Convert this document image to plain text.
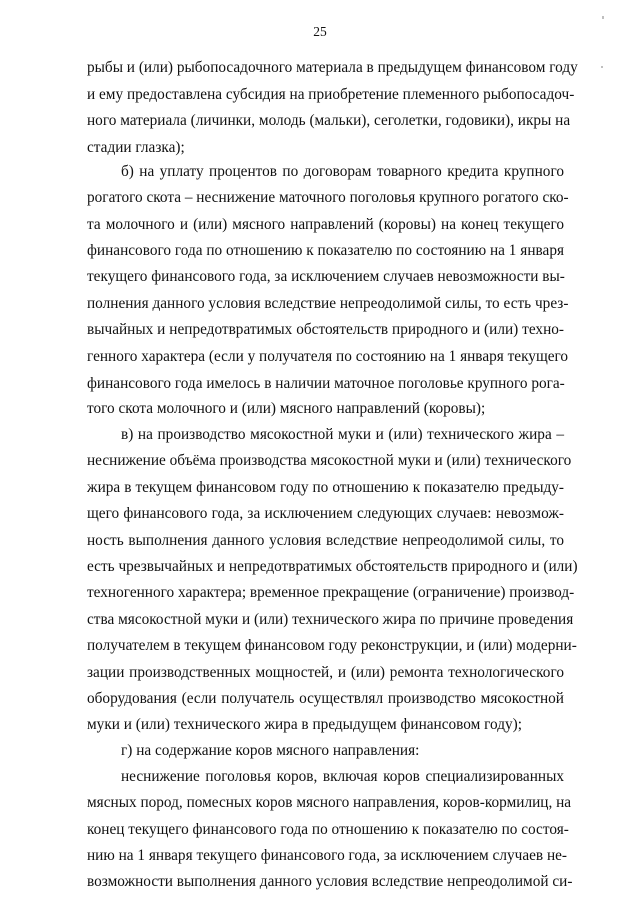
25
рыбы и (или) рыбопосадочного материала в предыдущем финансовом году
и ему предоставлена субсидия на приобретение племенного рыбопосадоч-
ного материала (личинки, молодь (мальки), сеголетки, годовики), икры на
стадии глазка);
б) на уплату процентов по договорам товарного кредита крупного
рогатого скота – неснижение маточного поголовья крупного рогатого ско-
та молочного и (или) мясного направлений (коровы) на конец текущего
финансового года по отношению к показателю по состоянию на 1 января
текущего финансового года, за исключением случаев невозможности вы-
полнения данного условия вследствие непреодолимой силы, то есть чрез-
вычайных и непредотвратимых обстоятельств природного и (или) техно-
генного характера (если у получателя по состоянию на 1 января текущего
финансового года имелось в наличии маточное поголовье крупного рога-
того скота молочного и (или) мясного направлений (коровы);
в) на производство мясокостной муки и (или) технического жира –
неснижение объёма производства мясокостной муки и (или) технического
жира в текущем финансовом году по отношению к показателю предыду-
щего финансового года, за исключением следующих случаев: невозмож-
ность выполнения данного условия вследствие непреодолимой силы, то
есть чрезвычайных и непредотвратимых обстоятельств природного и (или)
техногенного характера; временное прекращение (ограничение) производ-
ства мясокостной муки и (или) технического жира по причине проведения
получателем в текущем финансовом году реконструкции, и (или) модерни-
зации производственных мощностей, и (или) ремонта технологического
оборудования (если получатель осуществлял производство мясокостной
муки и (или) технического жира в предыдущем финансовом году);
г) на содержание коров мясного направления:
неснижение поголовья коров, включая коров специализированных
мясных пород, помесных коров мясного направления, коров-кормилиц, на
конец текущего финансового года по отношению к показателю по состоя-
нию на 1 января текущего финансового года, за исключением случаев не-
возможности выполнения данного условия вследствие непреодолимой си-
